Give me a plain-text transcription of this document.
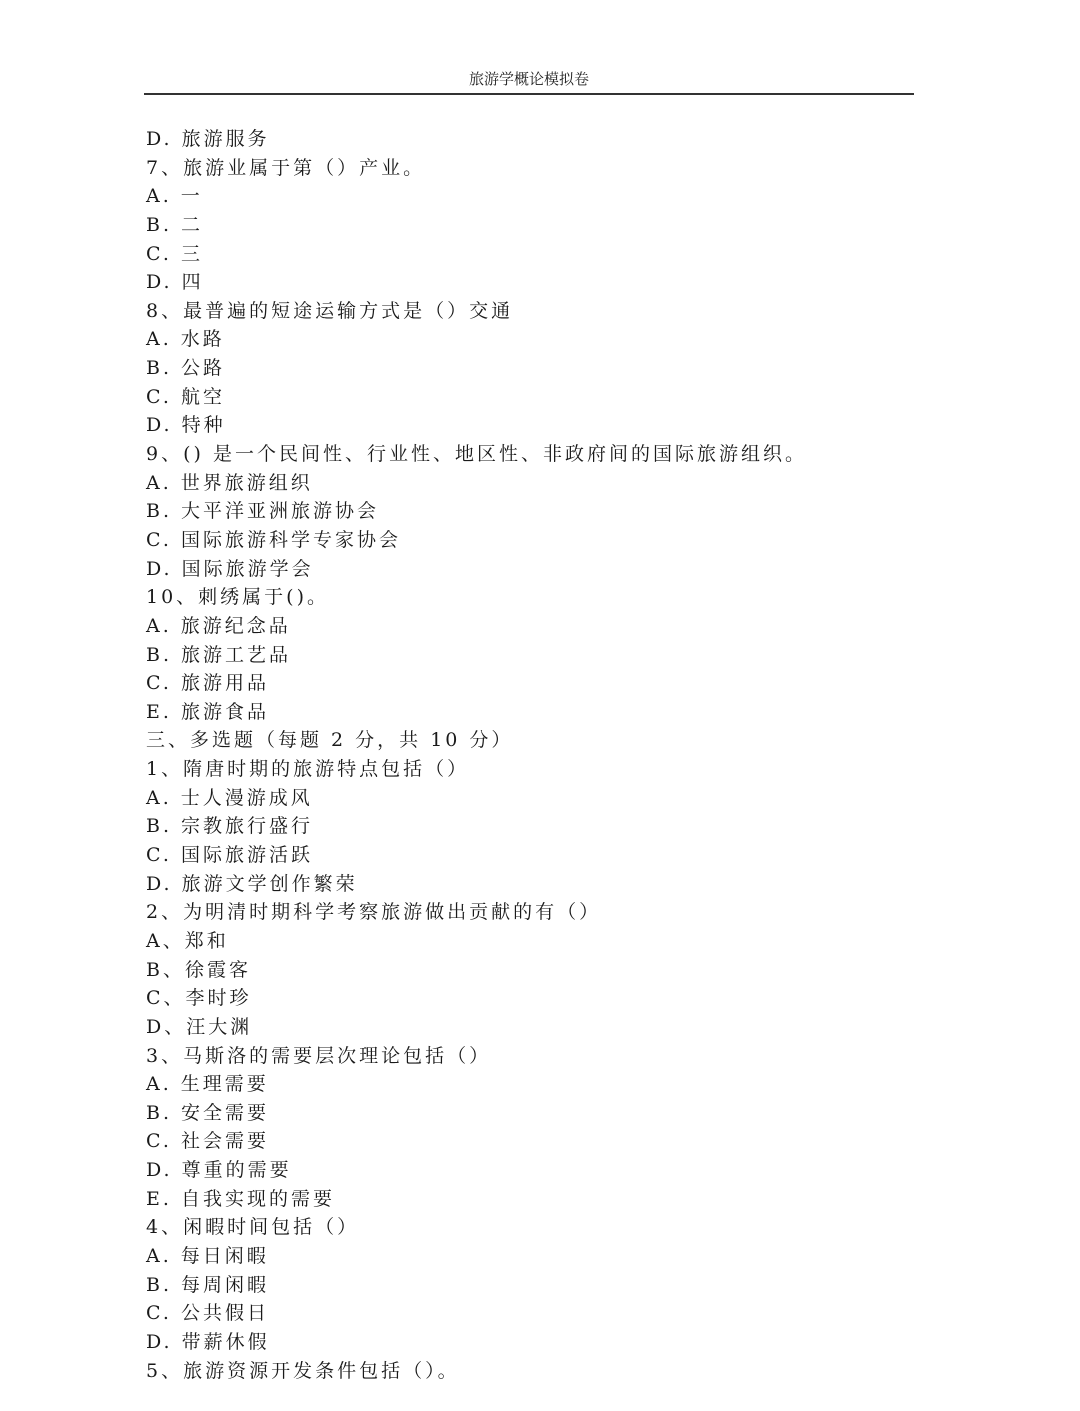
旅游学概论模拟卷
D. 旅游服务
7、旅游业属于第（）产业。
A. 一
B. 二
C. 三
D. 四
8、最普遍的短途运输方式是（）交通
A. 水路
B. 公路
C. 航空
D. 特种
9、() 是一个民间性、行业性、地区性、非政府间的国际旅游组织。
A. 世界旅游组织
B. 大平洋亚洲旅游协会
C. 国际旅游科学专家协会
D. 国际旅游学会
10、刺绣属于()。
A. 旅游纪念品
B. 旅游工艺品
C. 旅游用品
E. 旅游食品
三、多选题（每题 2 分，共 10 分）
1、隋唐时期的旅游特点包括（）
A. 士人漫游成风
B. 宗教旅行盛行
C. 国际旅游活跃
D. 旅游文学创作繁荣
2、为明清时期科学考察旅游做出贡献的有（）
A、郑和
B、徐霞客
C、李时珍
D、汪大渊
3、马斯洛的需要层次理论包括（）
A. 生理需要
B. 安全需要
C. 社会需要
D. 尊重的需要
E. 自我实现的需要
4、闲暇时间包括（）
A. 每日闲暇
B. 每周闲暇
C. 公共假日
D. 带薪休假
5、旅游资源开发条件包括（）。
